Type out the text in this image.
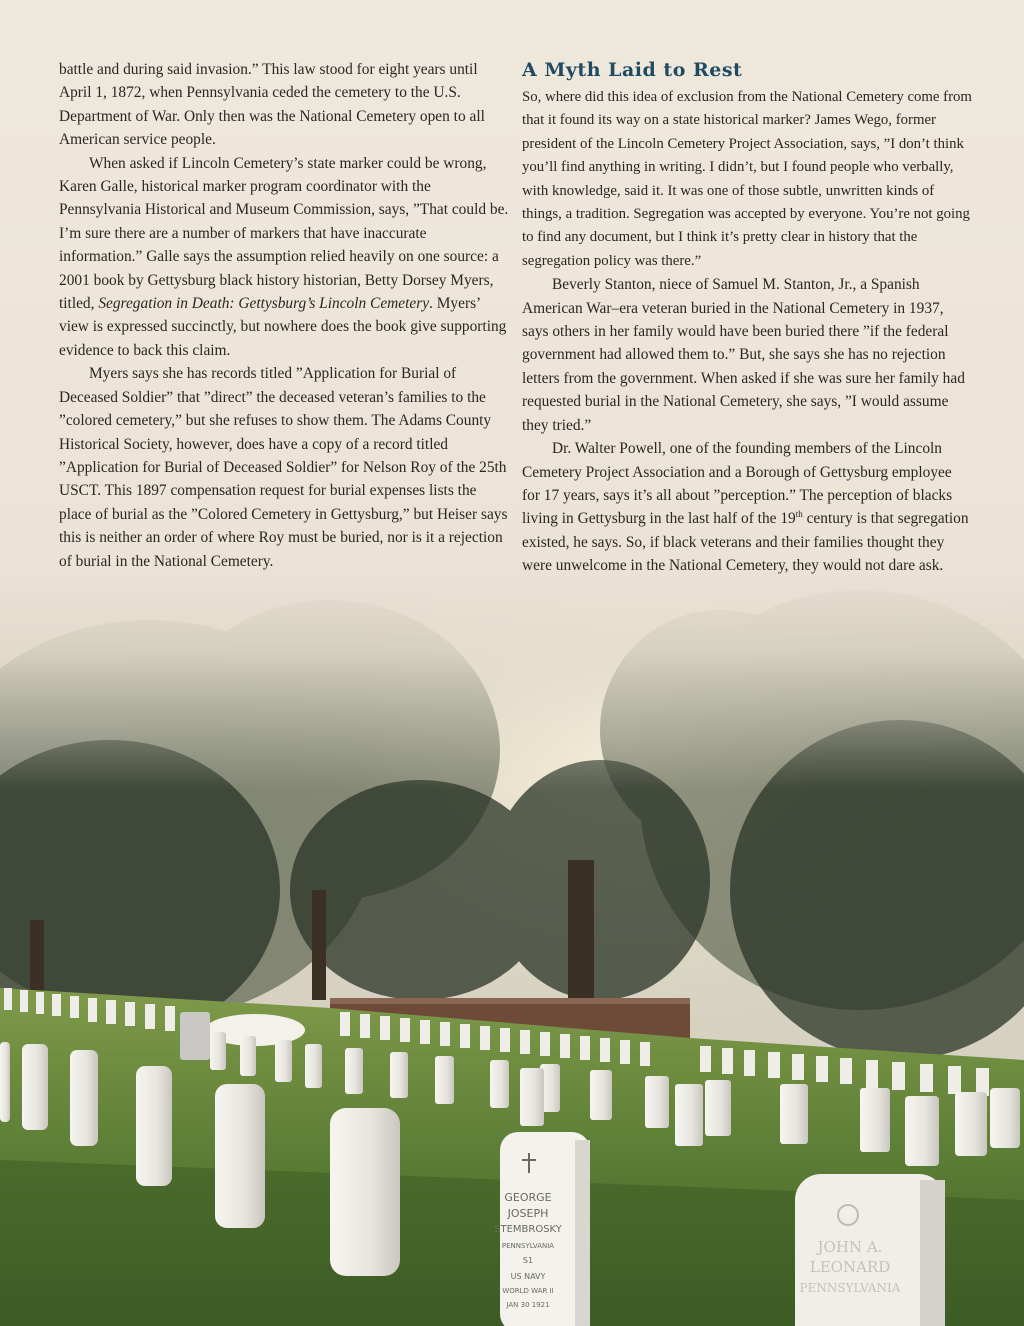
GEORGE
JOSEPH
STEMBROSKY
PENNSYLVANIA
S1
US NAVY
WORLD WAR II
JAN 30 1921
JOHN A.
LEONARD
PENNSYLVANIA

battle and during said invasion.” This law stood for eight years until April 1, 1872, when Pennsylvania ceded the cemetery to the U.S. Department of War. Only then was the National Cemetery open to all American service people.

When asked if Lincoln Cemetery’s state marker could be wrong, Karen Galle, historical marker program coordinator with the Pennsylvania Historical and Museum Commission, says, ”That could be. I’m sure there are a number of markers that have inaccurate information.” Galle says the assumption relied heavily on one source: a 2001 book by Gettysburg black history historian, Betty Dorsey Myers, titled, Segregation in Death: Gettysburg’s Lincoln Cemetery. Myers’ view is expressed succinctly, but nowhere does the book give supporting evidence to back this claim.

Myers says she has records titled ”Application for Burial of Deceased Soldier” that ”direct” the deceased veteran’s families to the ”colored cemetery,” but she refuses to show them. The Adams County Historical Society, however, does have a copy of a record titled ”Application for Burial of Deceased Soldier” for Nelson Roy of the 25th USCT. This 1897 compensation request for burial expenses lists the place of burial as the ”Colored Cemetery in Gettysburg,” but Heiser says this is neither an order of where Roy must be buried, nor is it a rejection of burial in the National Cemetery.

A Myth Laid to Rest

So, where did this idea of exclusion from the National Cemetery come from that it found its way on a state historical marker? James Wego, former president of the Lincoln Cemetery Project Association, says, ”I don’t think you’ll find anything in writing. I didn’t, but I found people who verbally, with knowledge, said it. It was one of those subtle, unwritten kinds of things, a tradition. Segregation was accepted by everyone. You’re not going to find any document, but I think it’s pretty clear in history that the segregation policy was there.”

Beverly Stanton, niece of Samuel M. Stanton, Jr., a Spanish American War–era veteran buried in the National Cemetery in 1937, says others in her family would have been buried there ”if the federal government had allowed them to.” But, she says she has no rejection letters from the government. When asked if she was sure her family had requested burial in the National Cemetery, she says, ”I would assume they tried.”

Dr. Walter Powell, one of the founding members of the Lincoln Cemetery Project Association and a Borough of Gettysburg employee for 17 years, says it’s all about ”perception.” The perception of blacks living in Gettysburg in the last half of the 19th century is that segregation existed, he says. So, if black veterans and their families thought they were unwelcome in the National Cemetery, they would not dare ask.
